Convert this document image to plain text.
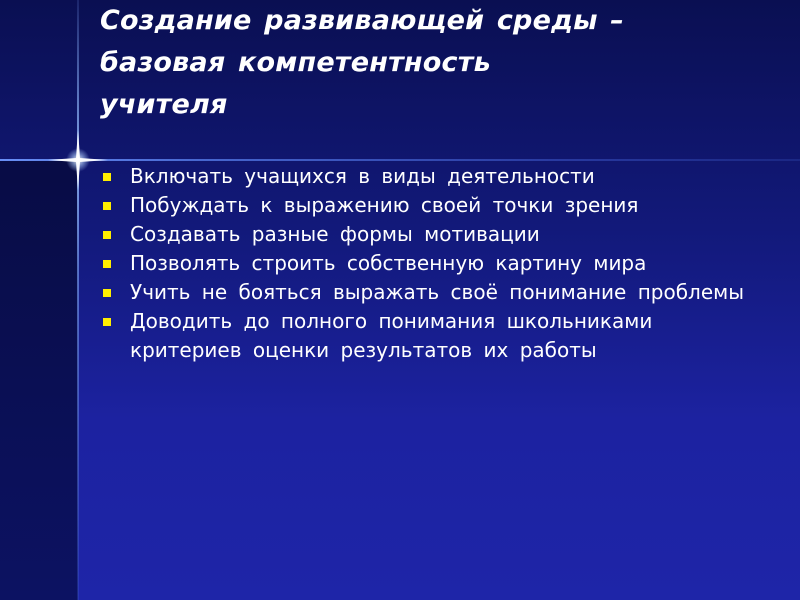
Создание развивающей среды –
базовая компетентность
учителя
Включать учащихся в виды деятельности
Побуждать к выражению своей точки зрения
Создавать разные формы мотивации
Позволять строить собственную картину мира
Учить не бояться выражать своё понимание проблемы
Доводить до полного понимания школьниками критериев оценки результатов их работы
